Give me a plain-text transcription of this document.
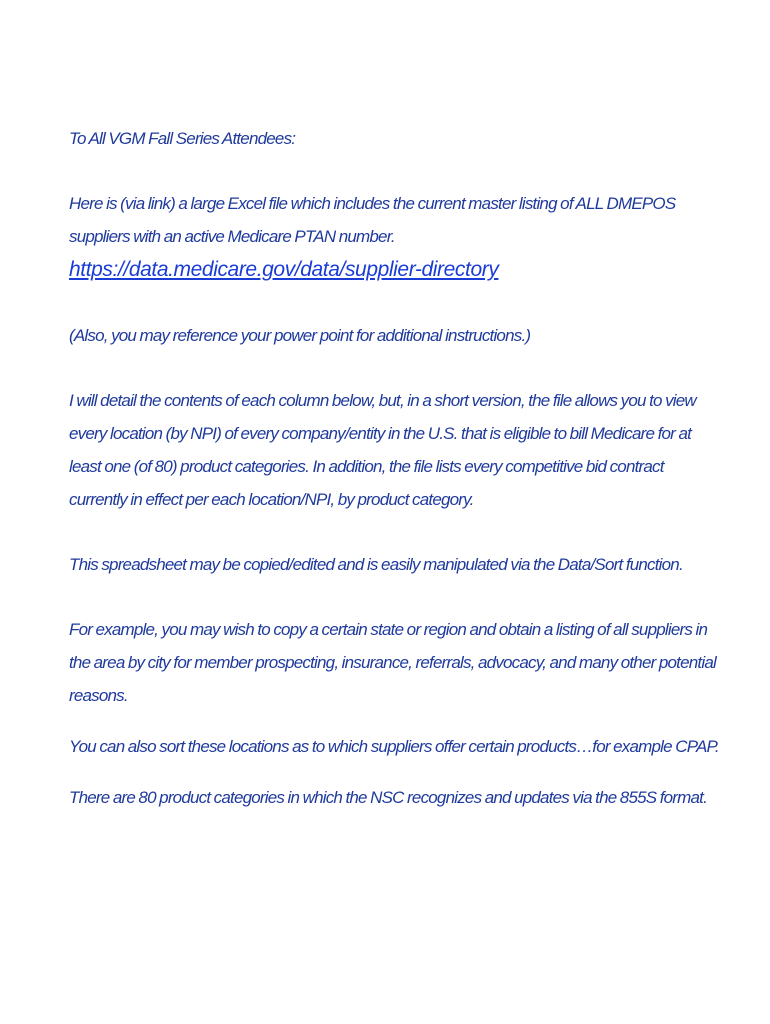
To All VGM Fall Series Attendees:

Here is (via link) a large Excel file which includes the current master listing of ALL DMEPOS suppliers with an active Medicare PTAN number. https://data.medicare.gov/data/supplier-directory

(Also, you may reference your power point for additional instructions.)

I will detail the contents of each column below, but, in a short version, the file allows you to view every location (by NPI) of every company/entity in the U.S. that is eligible to bill Medicare for at least one (of 80) product categories. In addition, the file lists every competitive bid contract currently in effect per each location/NPI, by product category.

This spreadsheet may be copied/edited and is easily manipulated via the Data/Sort function.

For example, you may wish to copy a certain state or region and obtain a listing of all suppliers in the area by city for member prospecting, insurance, referrals, advocacy, and many other potential reasons.

You can also sort these locations as to which suppliers offer certain products…for example CPAP.

There are 80 product categories in which the NSC recognizes and updates via the 855S format.
